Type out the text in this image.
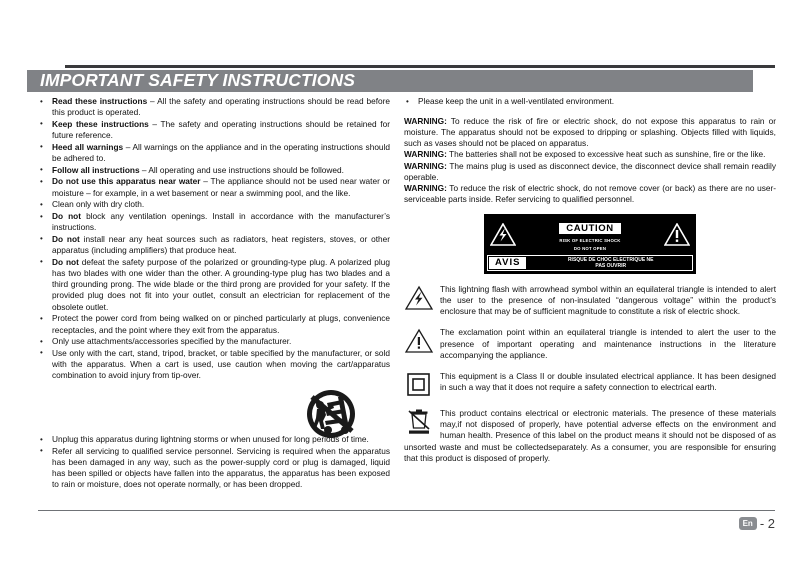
IMPORTANT SAFETY INSTRUCTIONS
• Read these instructions – All the safety and operating instructions should be read before this product is operated.
• Keep these instructions – The safety and operating instructions should be retained for future reference.
• Heed all warnings – All warnings on the appliance and in the operating instructions should be adhered to.
• Follow all instructions – All operating and use instructions should be followed.
• Do not use this apparatus near water – The appliance should not be used near water or moisture – for example, in a wet basement or near a swimming pool, and the like.
• Clean only with dry cloth.
• Do not block any ventilation openings. Install in accordance with the manufacturer’s instructions.
• Do not install near any heat sources such as radiators, heat registers, stoves, or other apparatus (including amplifiers) that produce heat.
• Do not defeat the safety purpose of the polarized or grounding-type plug. A polarized plug has two blades with one wider than the other. A grounding-type plug has two blades and a third grounding prong. The wide blade or the third prong are provided for your safety. If the provided plug does not fit into your outlet, consult an electrician for replacement of the obsolete outlet.
• Protect the power cord from being walked on or pinched particularly at plugs, convenience receptacles, and the point where they exit from the apparatus.
• Only use attachments/accessories specified by the manufacturer.
• Use only with the cart, stand, tripod, bracket, or table specified by the manufacturer, or sold with the apparatus. When a cart is used, use caution when moving the cart/apparatus combination to avoid injury from tip-over.
• Unplug this apparatus during lightning storms or when unused for long periods of time.
• Refer all servicing to qualified service personnel. Servicing is required when the apparatus has been damaged in any way, such as the power-supply cord or plug is damaged, liquid has been spilled or objects have fallen into the apparatus, the apparatus has been exposed to rain or moisture, does not operate normally, or has been dropped.
• Please keep the unit in a well-ventilated environment.

WARNING: To reduce the risk of fire or electric shock, do not expose this apparatus to rain or moisture. The apparatus should not be exposed to dripping or splashing. Objects filled with liquids, such as vases should not be placed on apparatus.

WARNING: The batteries shall not be exposed to excessive heat such as sunshine, fire or the like.

WARNING: The mains plug is used as disconnect device, the disconnect device shall remain readily operable.

WARNING: To reduce the risk of electric shock, do not remove cover (or back) as there are no user-serviceable parts inside. Refer servicing to qualified personnel.

CAUTION
RISK OF ELECTRIC SHOCK
DO NOT OPEN
AVIS	RISQUE DE CHOC ELECTRIQUE NE
PAS OUVRIR

This lightning flash with arrowhead symbol within an equilateral triangle is intended to alert the user to the presence of non-insulated “dangerous voltage” within the product’s enclosure that may be of sufficient magnitude to constitute a risk of electric shock.

The exclamation point within an equilateral triangle is intended to alert the user to the presence of important operating and maintenance instructions in the literature accompanying the appliance.

This equipment is a Class II or double insulated electrical appliance. It has been designed in such a way that it does not require a safety connection to electrical earth.

This product contains electrical or electronic materials. The presence of these materials may,if not disposed of properly, have potential adverse effects on the environment and human health. Presence of this label on the product means it should not be disposed of as unsorted waste and must be collectedseparately. As a consumer, you are responsible for ensuring that this product is disposed of properly.

En - 2
